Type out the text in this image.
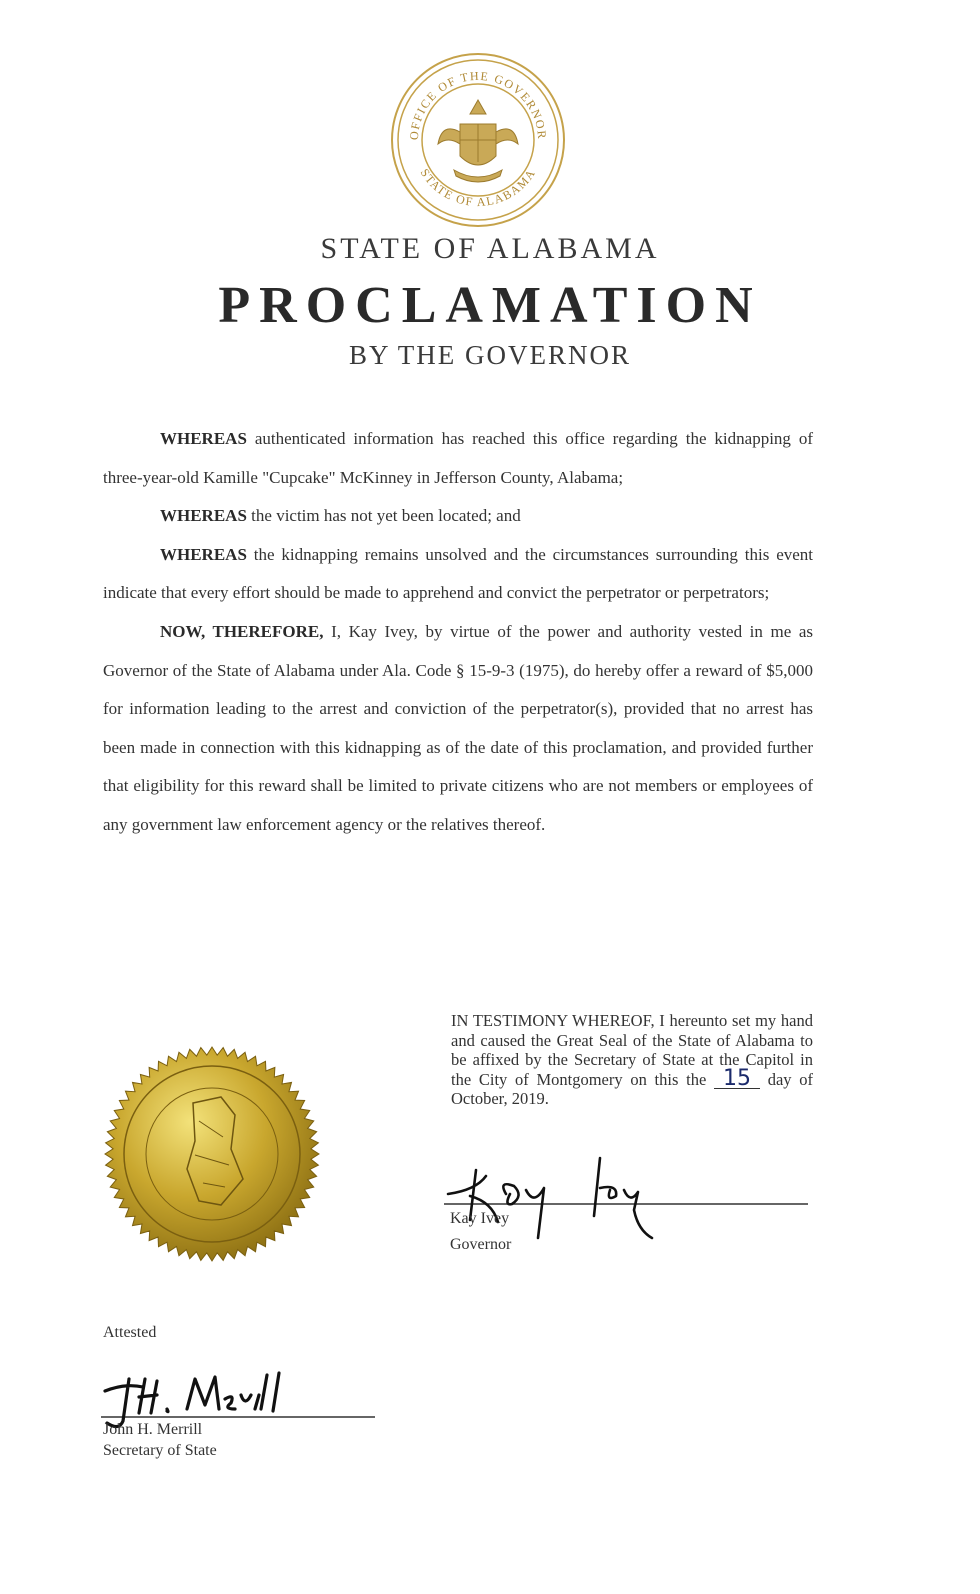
OFFICE OF THE GOVERNOR
STATE OF ALABAMA
STATE OF ALABAMA
PROCLAMATION
BY THE GOVERNOR

WHEREAS authenticated information has reached this office regarding the kidnapping of three-year-old Kamille "Cupcake" McKinney in Jefferson County, Alabama;

WHEREAS the victim has not yet been located; and

WHEREAS the kidnapping remains unsolved and the circumstances surrounding this event indicate that every effort should be made to apprehend and convict the perpetrator or perpetrators;

NOW, THEREFORE, I, Kay Ivey, by virtue of the power and authority vested in me as Governor of the State of Alabama under Ala. Code § 15-9-3 (1975), do hereby offer a reward of $5,000 for information leading to the arrest and conviction of the perpetrator(s), provided that no arrest has been made in connection with this kidnapping as of the date of this proclamation, and provided further that eligibility for this reward shall be limited to private citizens who are not members or employees of any government law enforcement agency or the relatives thereof.

IN TESTIMONY WHEREOF, I hereunto set my hand and caused the Great Seal of the State of Alabama to be affixed by the Secretary of State at the Capitol in the City of Montgomery on this the 15 day of October, 2019.
Kay Ivey
Governor
Attested
John H. Merrill
Secretary of State
